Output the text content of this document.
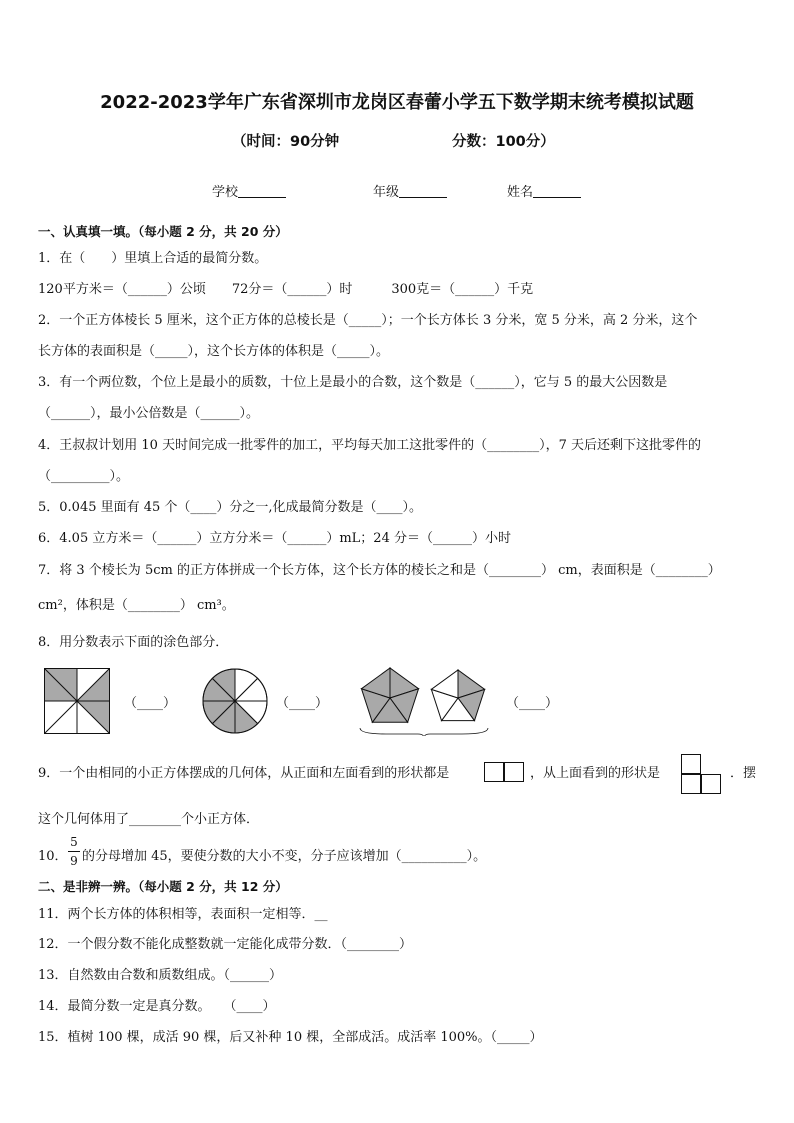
2022-2023学年广东省深圳市龙岗区春蕾小学五下数学期末统考模拟试题
（时间：90分钟	分数：100分）
学校	年级	姓名
一、认真填一填。（每小题 2 分，共 20 分）
1．在（　　）里填上合适的最简分数。
120平方米＝（______）公顷　　72分＝（______）时　　　300克＝（______）千克
2．一个正方体棱长 5 厘米，这个正方体的总棱长是（_____）；一个长方体长 3 分米，宽 5 分米，高 2 分米，这个
长方体的表面积是（_____），这个长方体的体积是（_____）。
3．有一个两位数，个位上是最小的质数，十位上是最小的合数，这个数是（______），它与 5 的最大公因数是
（______），最小公倍数是（______）。
4．王叔叔计划用 10 天时间完成一批零件的加工，平均每天加工这批零件的（________），7 天后还剩下这批零件的
（_________）。
5．0.045 里面有 45 个（____）分之一,化成最简分数是（____）。
6．4.05 立方米＝（______）立方分米＝（______）mL；24 分＝（______）小时
7．将 3 个棱长为 5cm 的正方体拼成一个长方体，这个长方体的棱长之和是（________） cm，表面积是（________）
cm²，体积是（________） cm³。
8．用分数表示下面的涂色部分．
（____）	（____）	（____）
9．一个由相同的小正方体摆成的几何体，从正面和左面看到的形状都是	，从上面看到的形状是	．摆
这个几何体用了________个小正方体．
10．
5
9 的分母增加 45，要使分数的大小不变，分子应该增加（__________）。
二、是非辨一辨。（每小题 2 分，共 12 分）
11．两个长方体的体积相等，表面积一定相等．__
12．一个假分数不能化成整数就一定能化成带分数．（________）
13．自然数由合数和质数组成。（______）
14．最简分数一定是真分数。　　（____）
15．植树 100 棵，成活 90 棵，后又补种 10 棵，全部成活。成活率 100%。（_____）
